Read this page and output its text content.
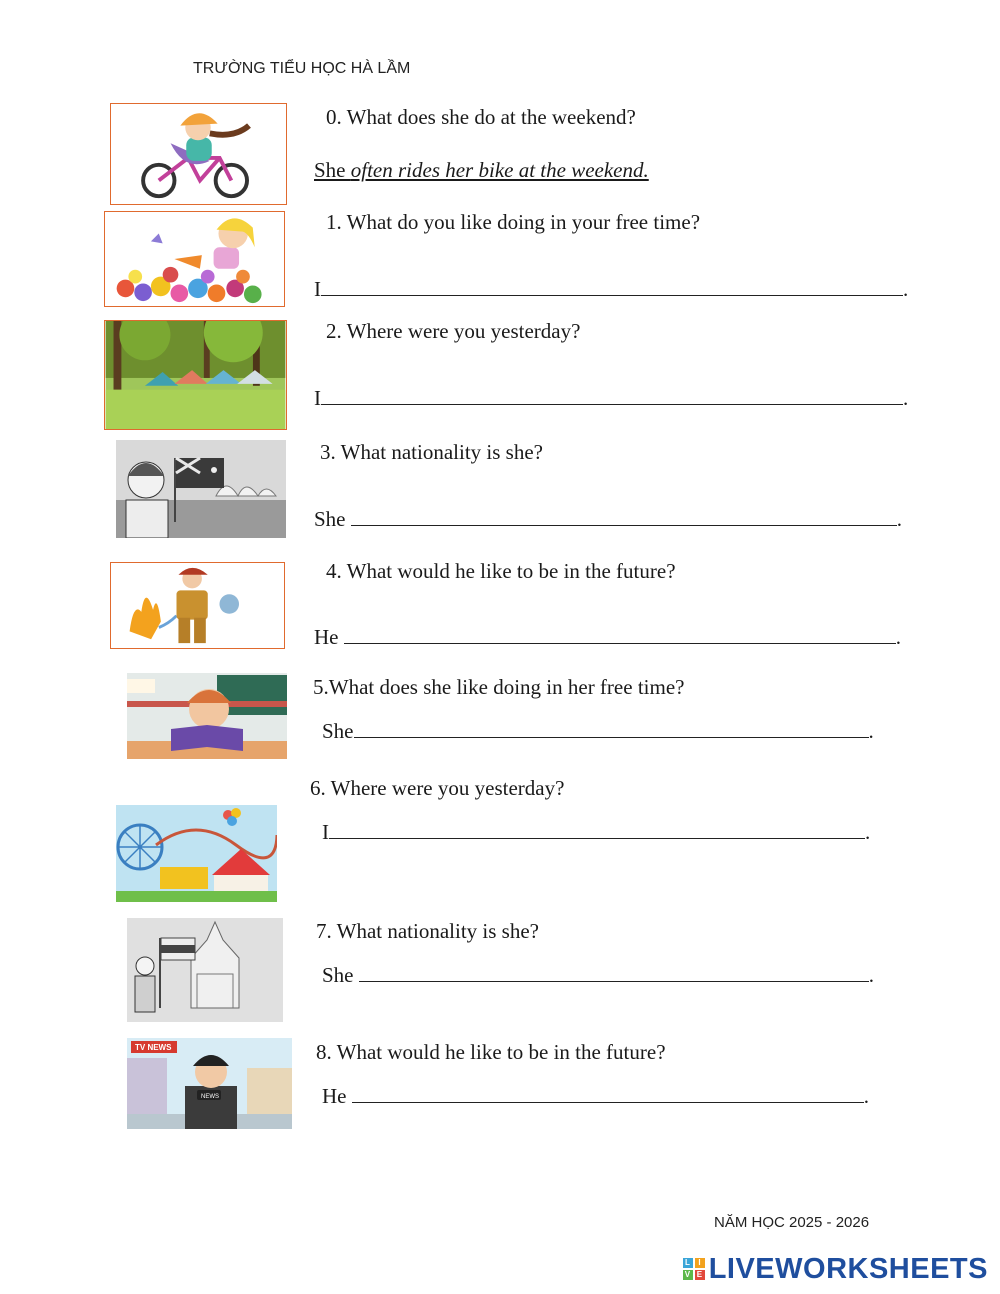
TRƯỜNG TIỂU HỌC HÀ LẦM
0. What does she do at the weekend?
She often rides her bike at the weekend.
1. What do you like doing in your free time?
I	.
2. Where were you yesterday?
I	.
3. What nationality is she?
She	.
4. What would he like to be in the future?
He	.
5.What does she like doing in her free time?
She	.
6. Where were you yesterday?
I	.
7. What nationality is she?
She	.
TV NEWS
NEWS
8. What would he like to be in the future?
He	.
NĂM HỌC 2025 - 2026
L I
V E LIVEWORKSHEETS
